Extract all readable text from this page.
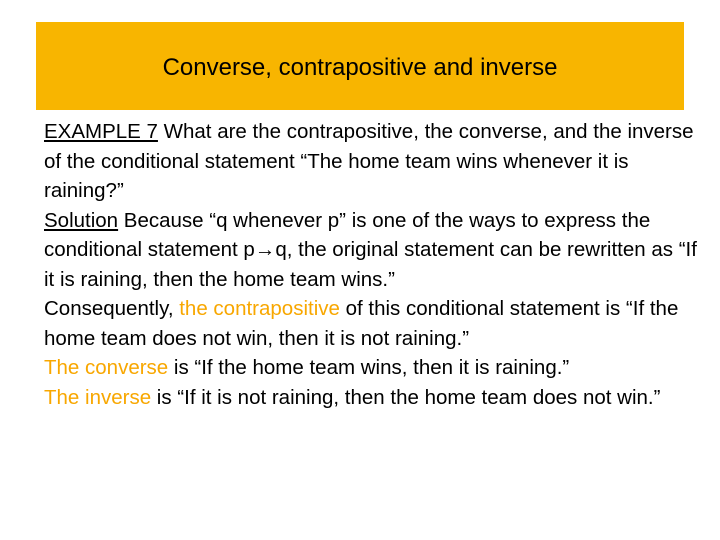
Converse, contrapositive and inverse

EXAMPLE 7 What are the contrapositive, the converse, and the inverse of the conditional statement “The home team wins whenever it is raining?”

Solution Because “q whenever p” is one of the ways to express the conditional statement p→q, the original statement can be rewritten as “If it is raining, then the home team wins.”

Consequently, the contrapositive of this conditional statement is “If the home team does not win, then it is not raining.”

The converse is “If the home team wins, then it is raining.”

The inverse is “If it is not raining, then the home team does not win.”
